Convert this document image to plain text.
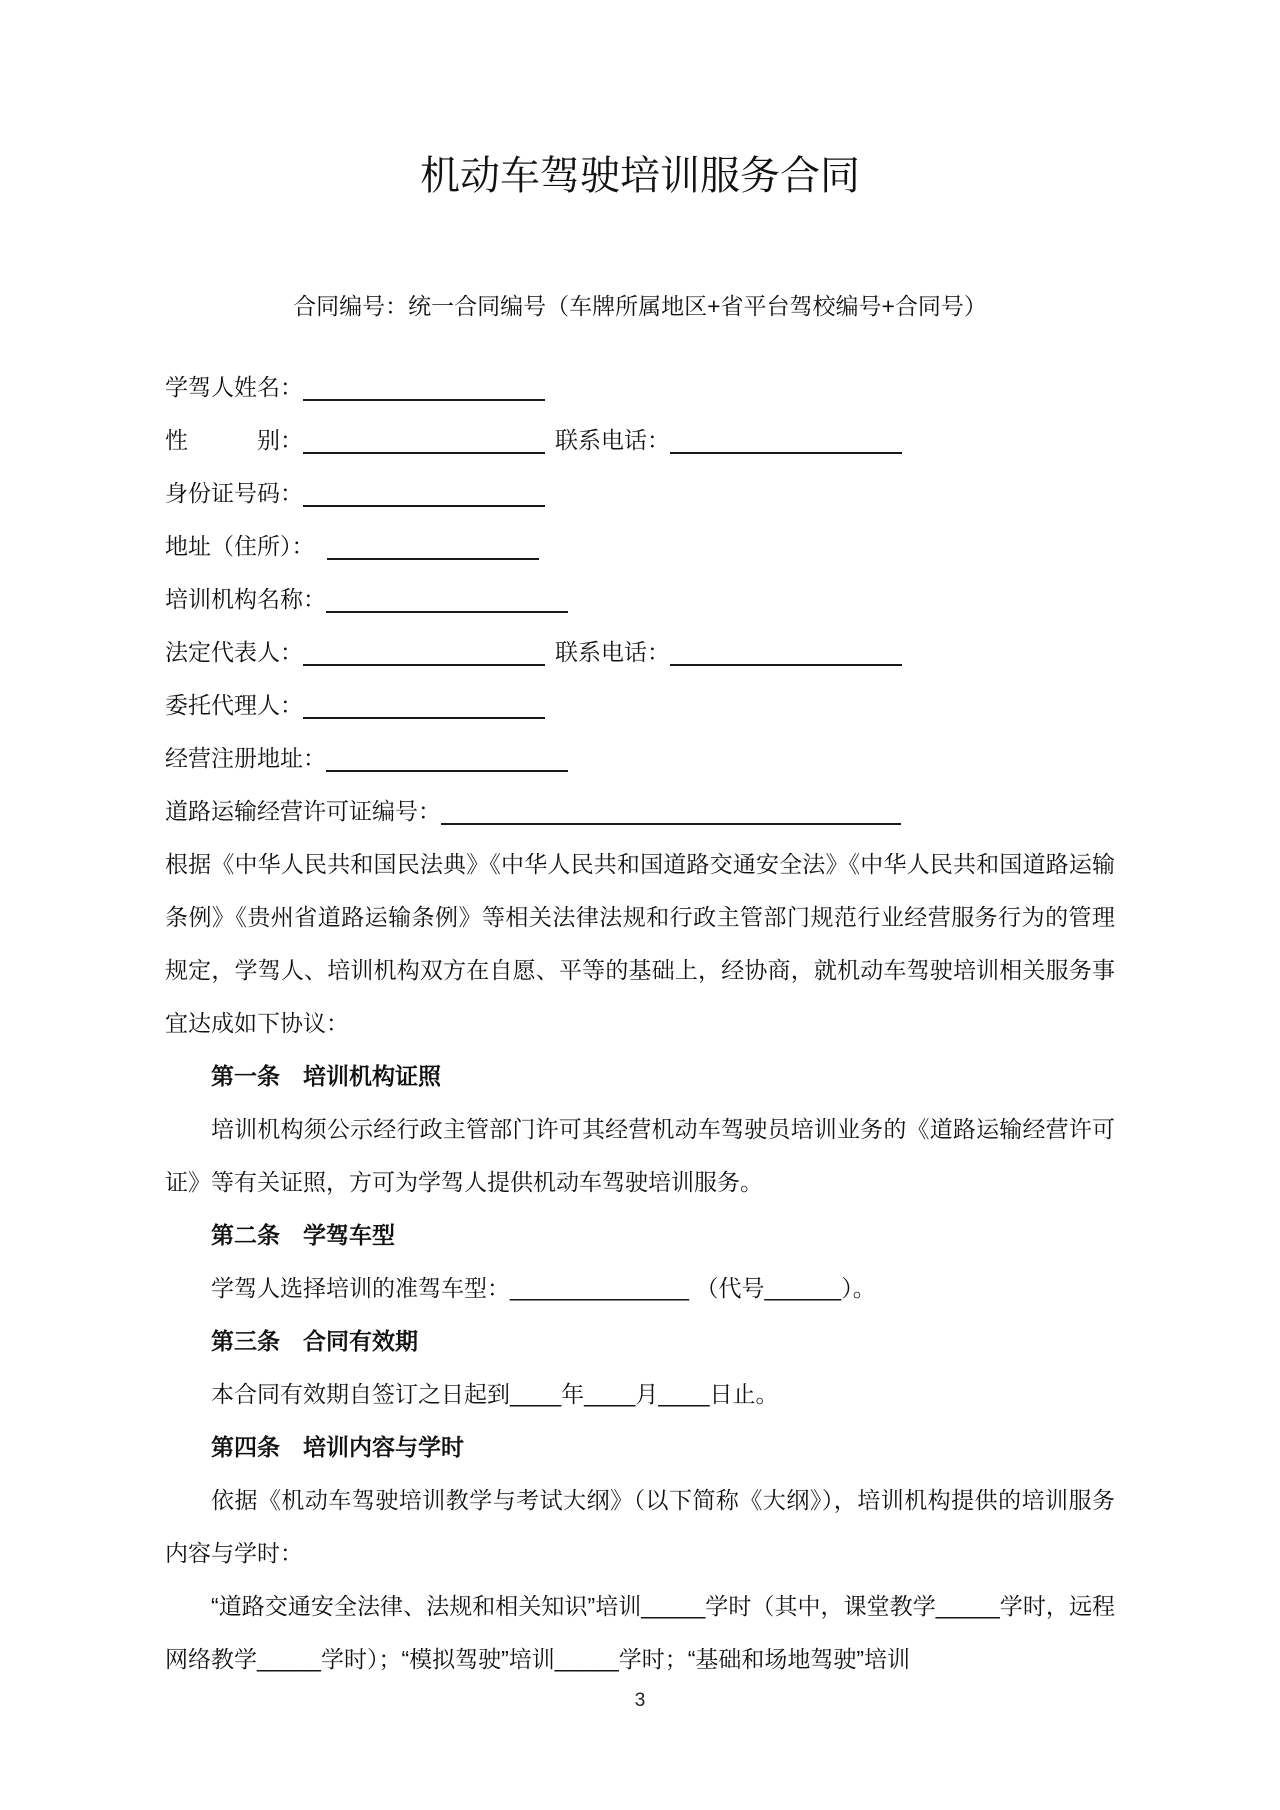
机动车驾驶培训服务合同

合同编号：统一合同编号（车牌所属地区+省平台驾校编号+合同号）

学驾人姓名：
性　　　别：	联系电话：
身份证号码：
地址（住所）：
培训机构名称：
法定代表人：	联系电话：
委托代理人：
经营注册地址：
道路运输经营许可证编号：

根据《中华人民共和国民法典》《中华人民共和国道路交通安全法》《中华人民共和国道路运输条例》《贵州省道路运输条例》等相关法律法规和行政主管部门规范行业经营服务行为的管理规定，学驾人、培训机构双方在自愿、平等的基础上，经协商，就机动车驾驶培训相关服务事宜达成如下协议：

第一条　培训机构证照

培训机构须公示经行政主管部门许可其经营机动车驾驶员培训业务的《道路运输经营许可证》等有关证照，方可为学驾人提供机动车驾驶培训服务。

第二条　学驾车型

学驾人选择培训的准驾车型：______________ （代号______）。

第三条　合同有效期

本合同有效期自签订之日起到____年____月____日止。

第四条　培训内容与学时

依据《机动车驾驶培训教学与考试大纲》（以下简称《大纲》），培训机构提供的培训服务内容与学时：

“道路交通安全法律、法规和相关知识”培训_____学时（其中，课堂教学_____学时，远程网络教学_____学时）；“模拟驾驶”培训_____学时；“基础和场地驾驶”培训

3
